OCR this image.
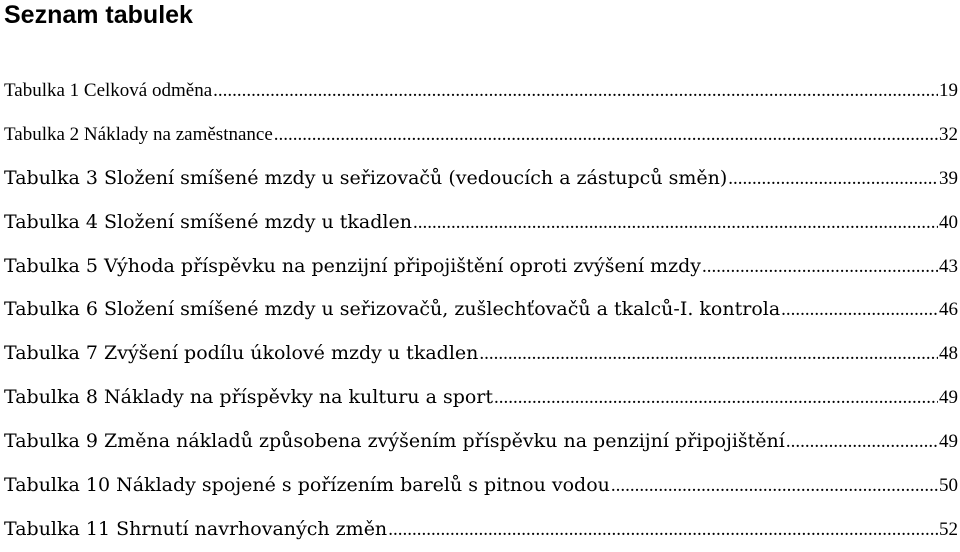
Seznam tabulek
Tabulka 1 Celková odměna .....	19
Tabulka 2 Náklady na zaměstnance .....	32
Tabulka 3 Složení smíšené mzdy u seřizovačů (vedoucích a zástupců směn) .....	39
Tabulka 4 Složení smíšené mzdy u tkadlen .....	40
Tabulka 5 Výhoda příspěvku na penzijní připojištění oproti zvýšení mzdy .....	43
Tabulka 6 Složení smíšené mzdy u seřizovačů, zušlechťovačů a tkalců-I. kontrola .....	46
Tabulka 7 Zvýšení podílu úkolové mzdy u tkadlen .....	48
Tabulka 8 Náklady na příspěvky na kulturu a sport .....	49
Tabulka 9 Změna nákladů způsobena zvýšením příspěvku na penzijní připojištění .....	49
Tabulka 10 Náklady spojené s pořízením barelů s pitnou vodou .....	50
Tabulka 11 Shrnutí navrhovaných změn .....	52
